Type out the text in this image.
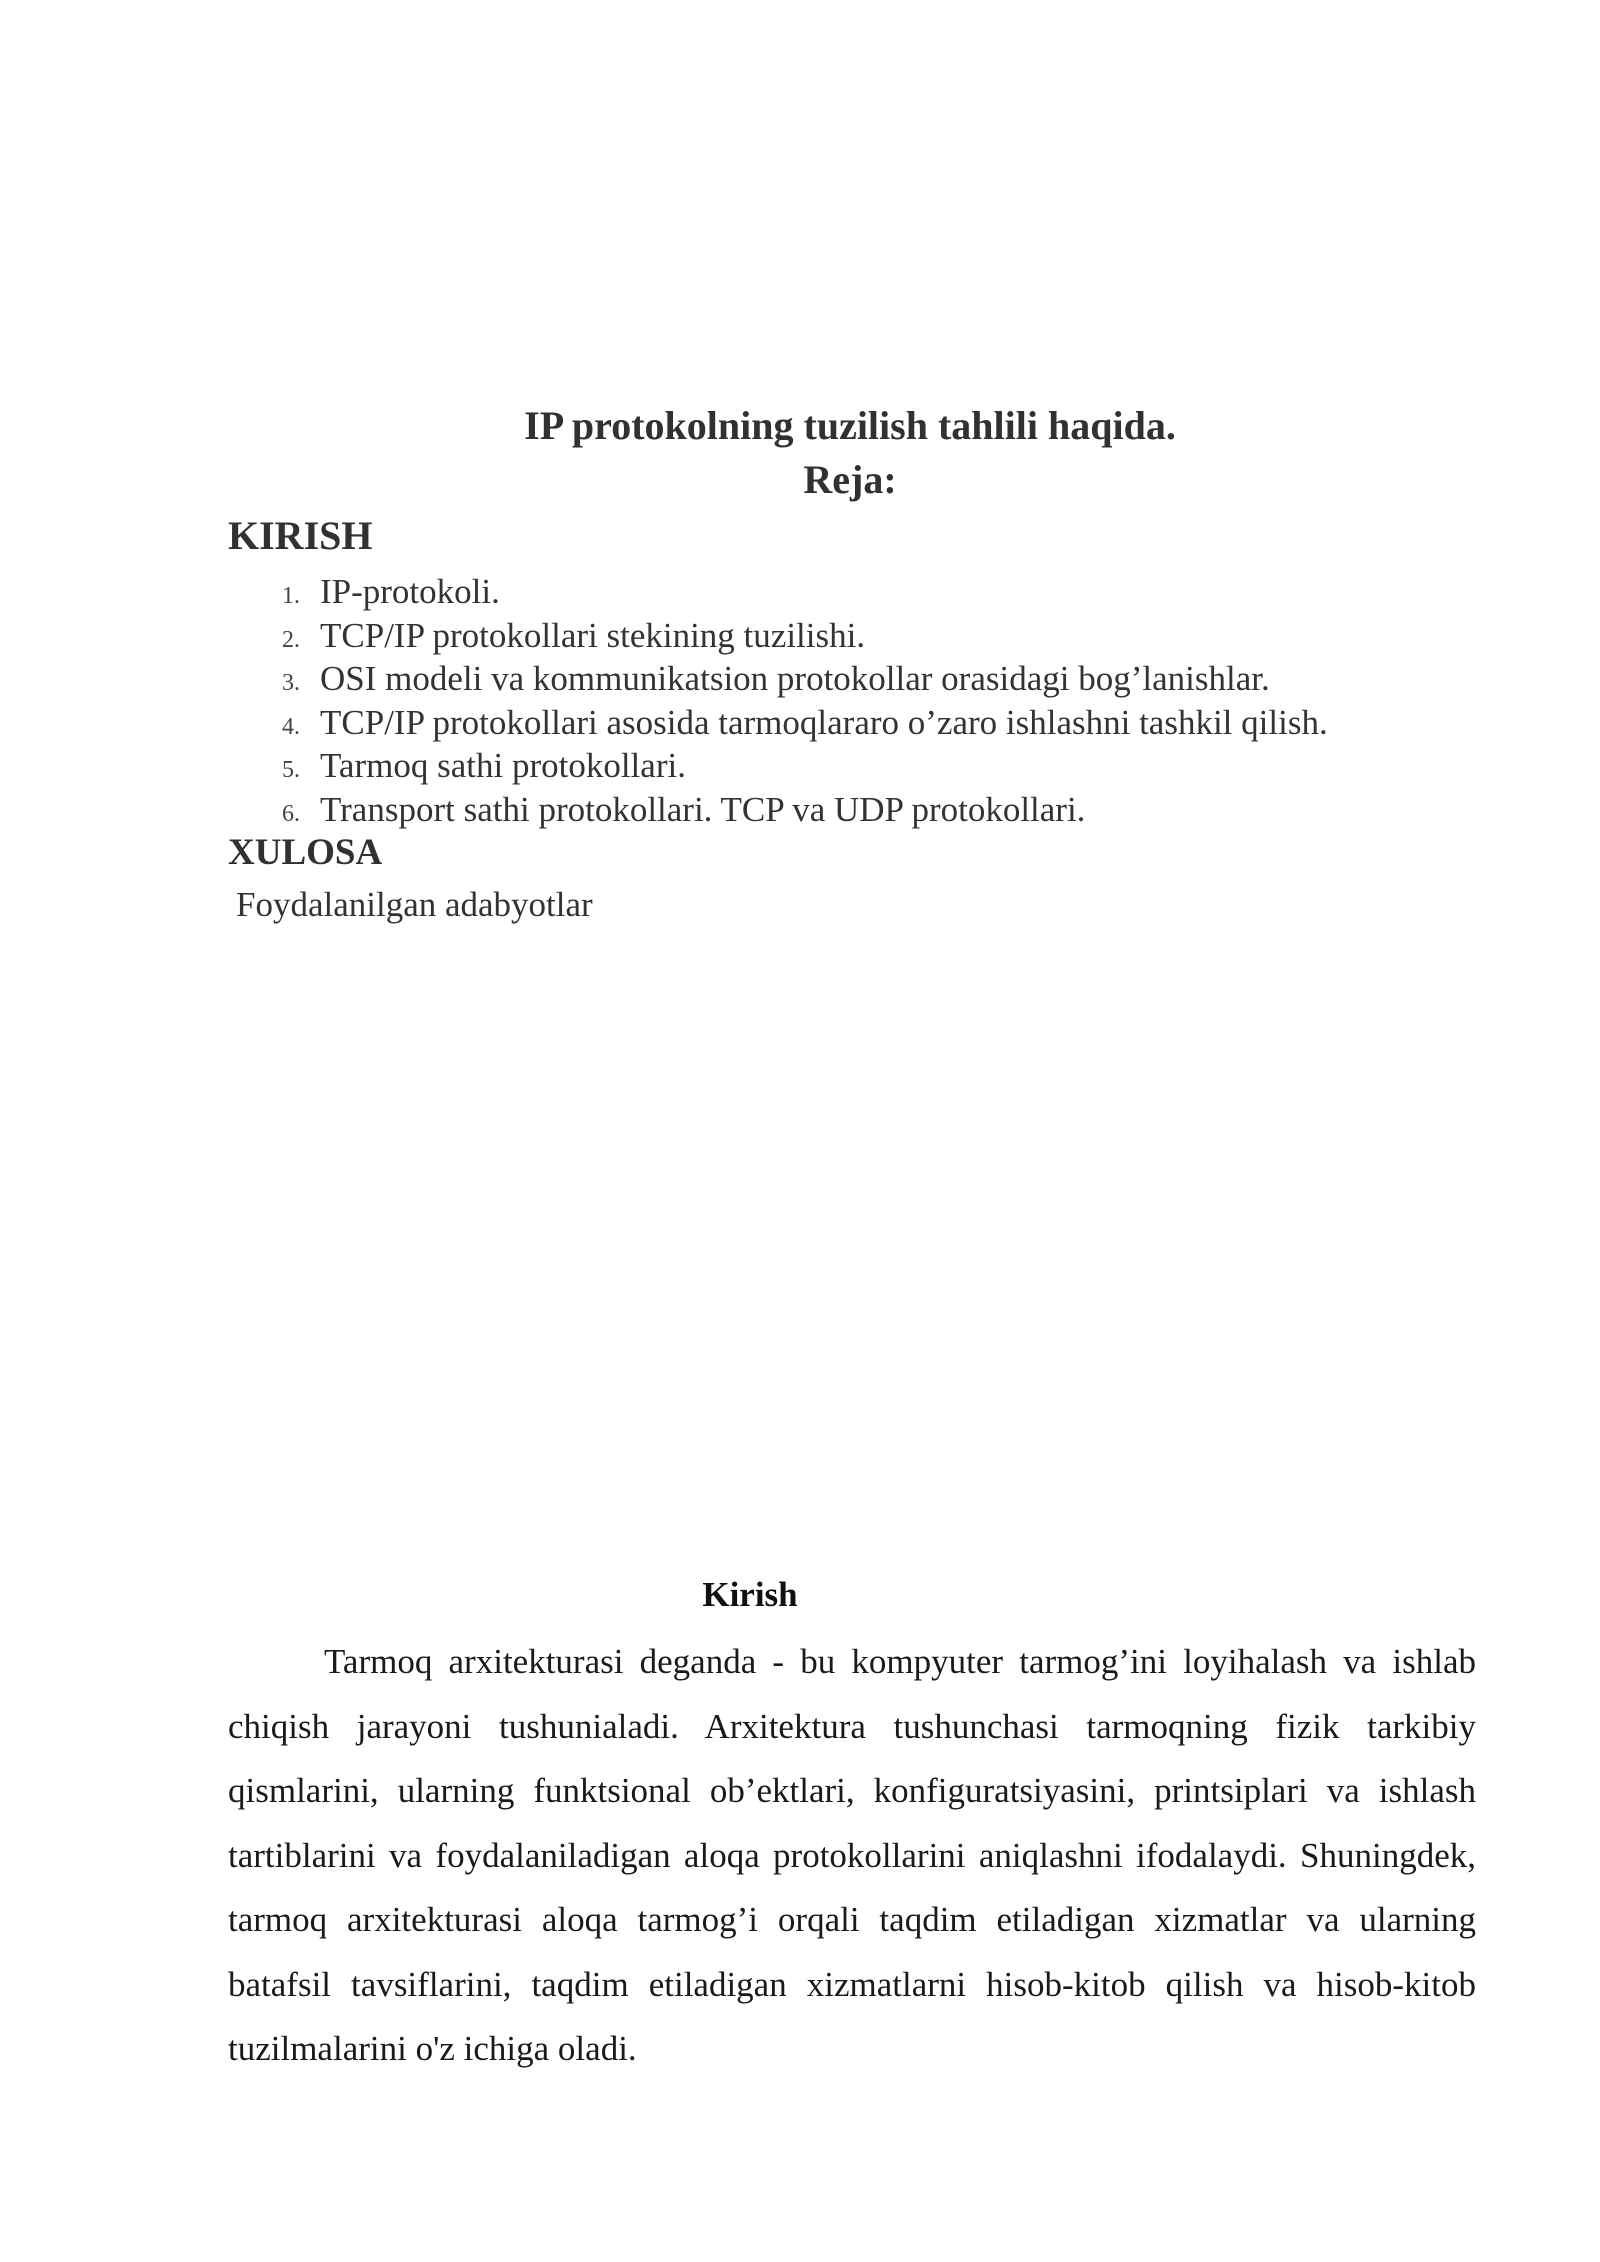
IP protokolning tuzilish tahlili haqida.
Reja:
KIRISH
1. IP-protokoli.
2. TCP/IP protokollari stekining tuzilishi.
3. OSI modeli va kommunikatsion protokollar orasidagi bog’lanishlar.
4. TCP/IP protokollari asosida tarmoqlararo o’zaro ishlashni tashkil qilish.
5. Tarmoq sathi protokollari.
6. Transport sathi protokollari. TCP va UDP protokollari.
XULOSA
Foydalanilgan adabyotlar
Kirish

Tarmoq arxitekturasi deganda - bu kompyuter tarmog’ini loyihalash va ishlab chiqish jarayoni tushunialadi. Arxitektura tushunchasi tarmoqning fizik tarkibiy qismlarini, ularning funktsional ob’ektlari, konfiguratsiyasini, printsiplari va ishlash tartiblarini va foydalaniladigan aloqa protokollarini aniqlashni ifodalaydi. Shuningdek, tarmoq arxitekturasi aloqa tarmog’i orqali taqdim etiladigan xizmatlar va ularning batafsil tavsiflarini, taqdim etiladigan xizmatlarni hisob-kitob qilish va hisob-kitob tuzilmalarini o'z ichiga oladi.
